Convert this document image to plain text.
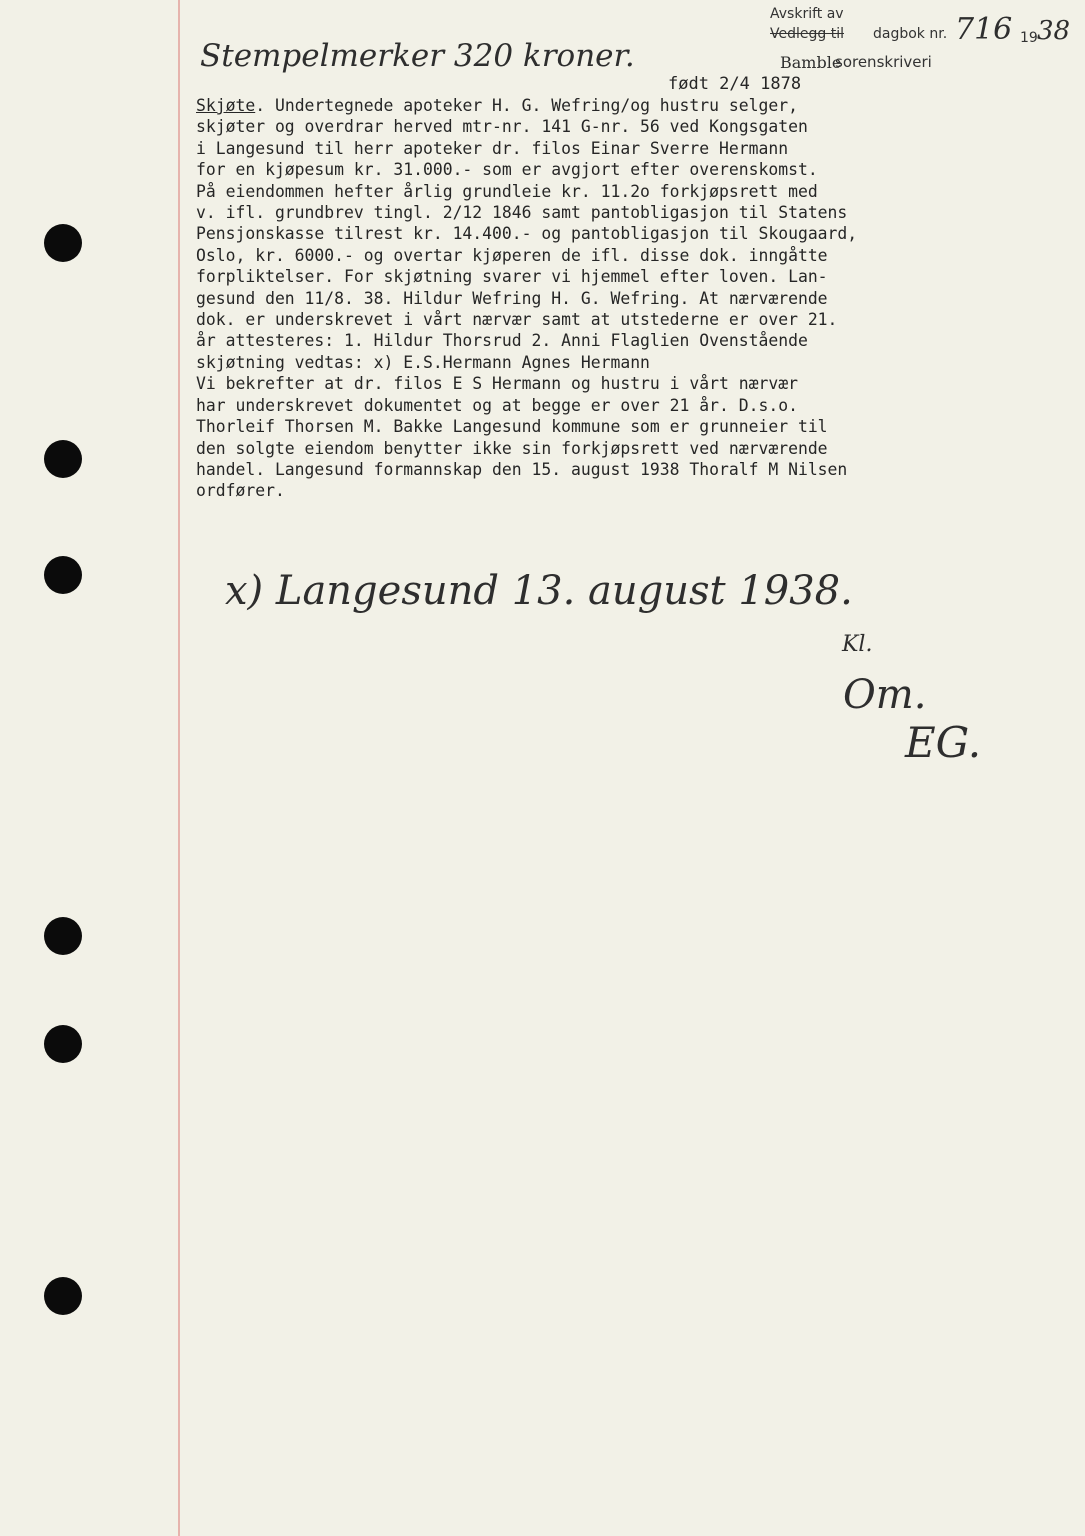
Stempelmerker 320 kroner.
Avskrift av
Vedlegg til dagbok nr. 716 19 38
født 2/4 1878
Bamble
sorenskriveri
Skjøte. Undertegnede apoteker H. G. Wefring/og hustru selger,
skjøter og overdrar herved mtr-nr. 141 G-nr. 56 ved Kongsgaten
i Langesund til herr apoteker dr. filos Einar Sverre Hermann
for en kjøpesum kr. 31.000.- som er avgjort efter overenskomst.
På eiendommen hefter årlig grundleie kr. 11.2o forkjøpsrett med
v. ifl. grundbrev tingl. 2/12 1846 samt pantobligasjon til Statens
Pensjonskasse tilrest kr. 14.400.- og pantobligasjon til Skougaard,
Oslo, kr. 6000.- og overtar kjøperen de ifl. disse dok. inngåtte
forpliktelser. For skjøtning svarer vi hjemmel efter loven. Lan-
gesund den 11/8. 38. Hildur Wefring H. G. Wefring. At nærværende
dok. er underskrevet i vårt nærvær samt at utstederne er over 21.
år attesteres: 1. Hildur Thorsrud 2. Anni Flaglien Ovenstående
skjøtning vedtas: x) E.S.Hermann Agnes Hermann
Vi bekrefter at dr. filos E S Hermann og hustru i vårt nærvær
har underskrevet dokumentet og at begge er over 21 år. D.s.o.
Thorleif Thorsen M. Bakke Langesund kommune som er grunneier til
den solgte eiendom benytter ikke sin forkjøpsrett ved nærværende
handel. Langesund formannskap den 15. august 1938 Thoralf M Nilsen
ordfører.
x) Langesund 13. august 1938.
Kl.
Om.
EG.
